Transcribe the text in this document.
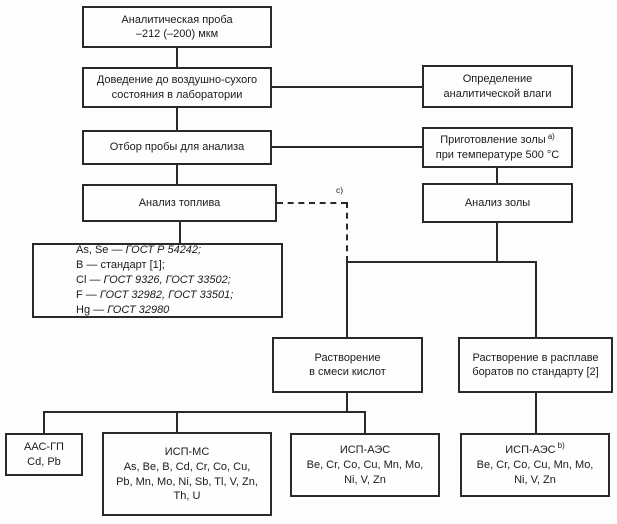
Аналитическая проба
–212 (–200) мкм
Доведение до воздушно-сухого
состояния в лаборатории
Определение
аналитической влаги
Отбор пробы для анализа
Приготовление золы $^{a)}$
при температуре 500 °С
Анализ топлива	Анализ золы
As, Se — ГОСТ Р 54242;
B — стандарт [1];
Cl — ГОСТ 9326, ГОСТ 33502;
F — ГОСТ 32982, ГОСТ 33501;
Hg — ГОСТ 32980
Растворение
в смеси кислот
Растворение в расплаве
боратов по стандарту [2]
ААС-ГП
Cd, Pb
ИСП-МС
As, Be, B, Cd, Cr, Co, Cu, Pb, Mn, Mo, Ni, Sb, Tl, V, Zn, Th, U
ИСП-АЭС
Be, Cr, Co, Cu, Mn, Mo, Ni, V, Zn
ИСП-АЭС $^{b)}$
Be, Cr, Co, Cu, Mn, Mo, Ni, V, Zn
c)
